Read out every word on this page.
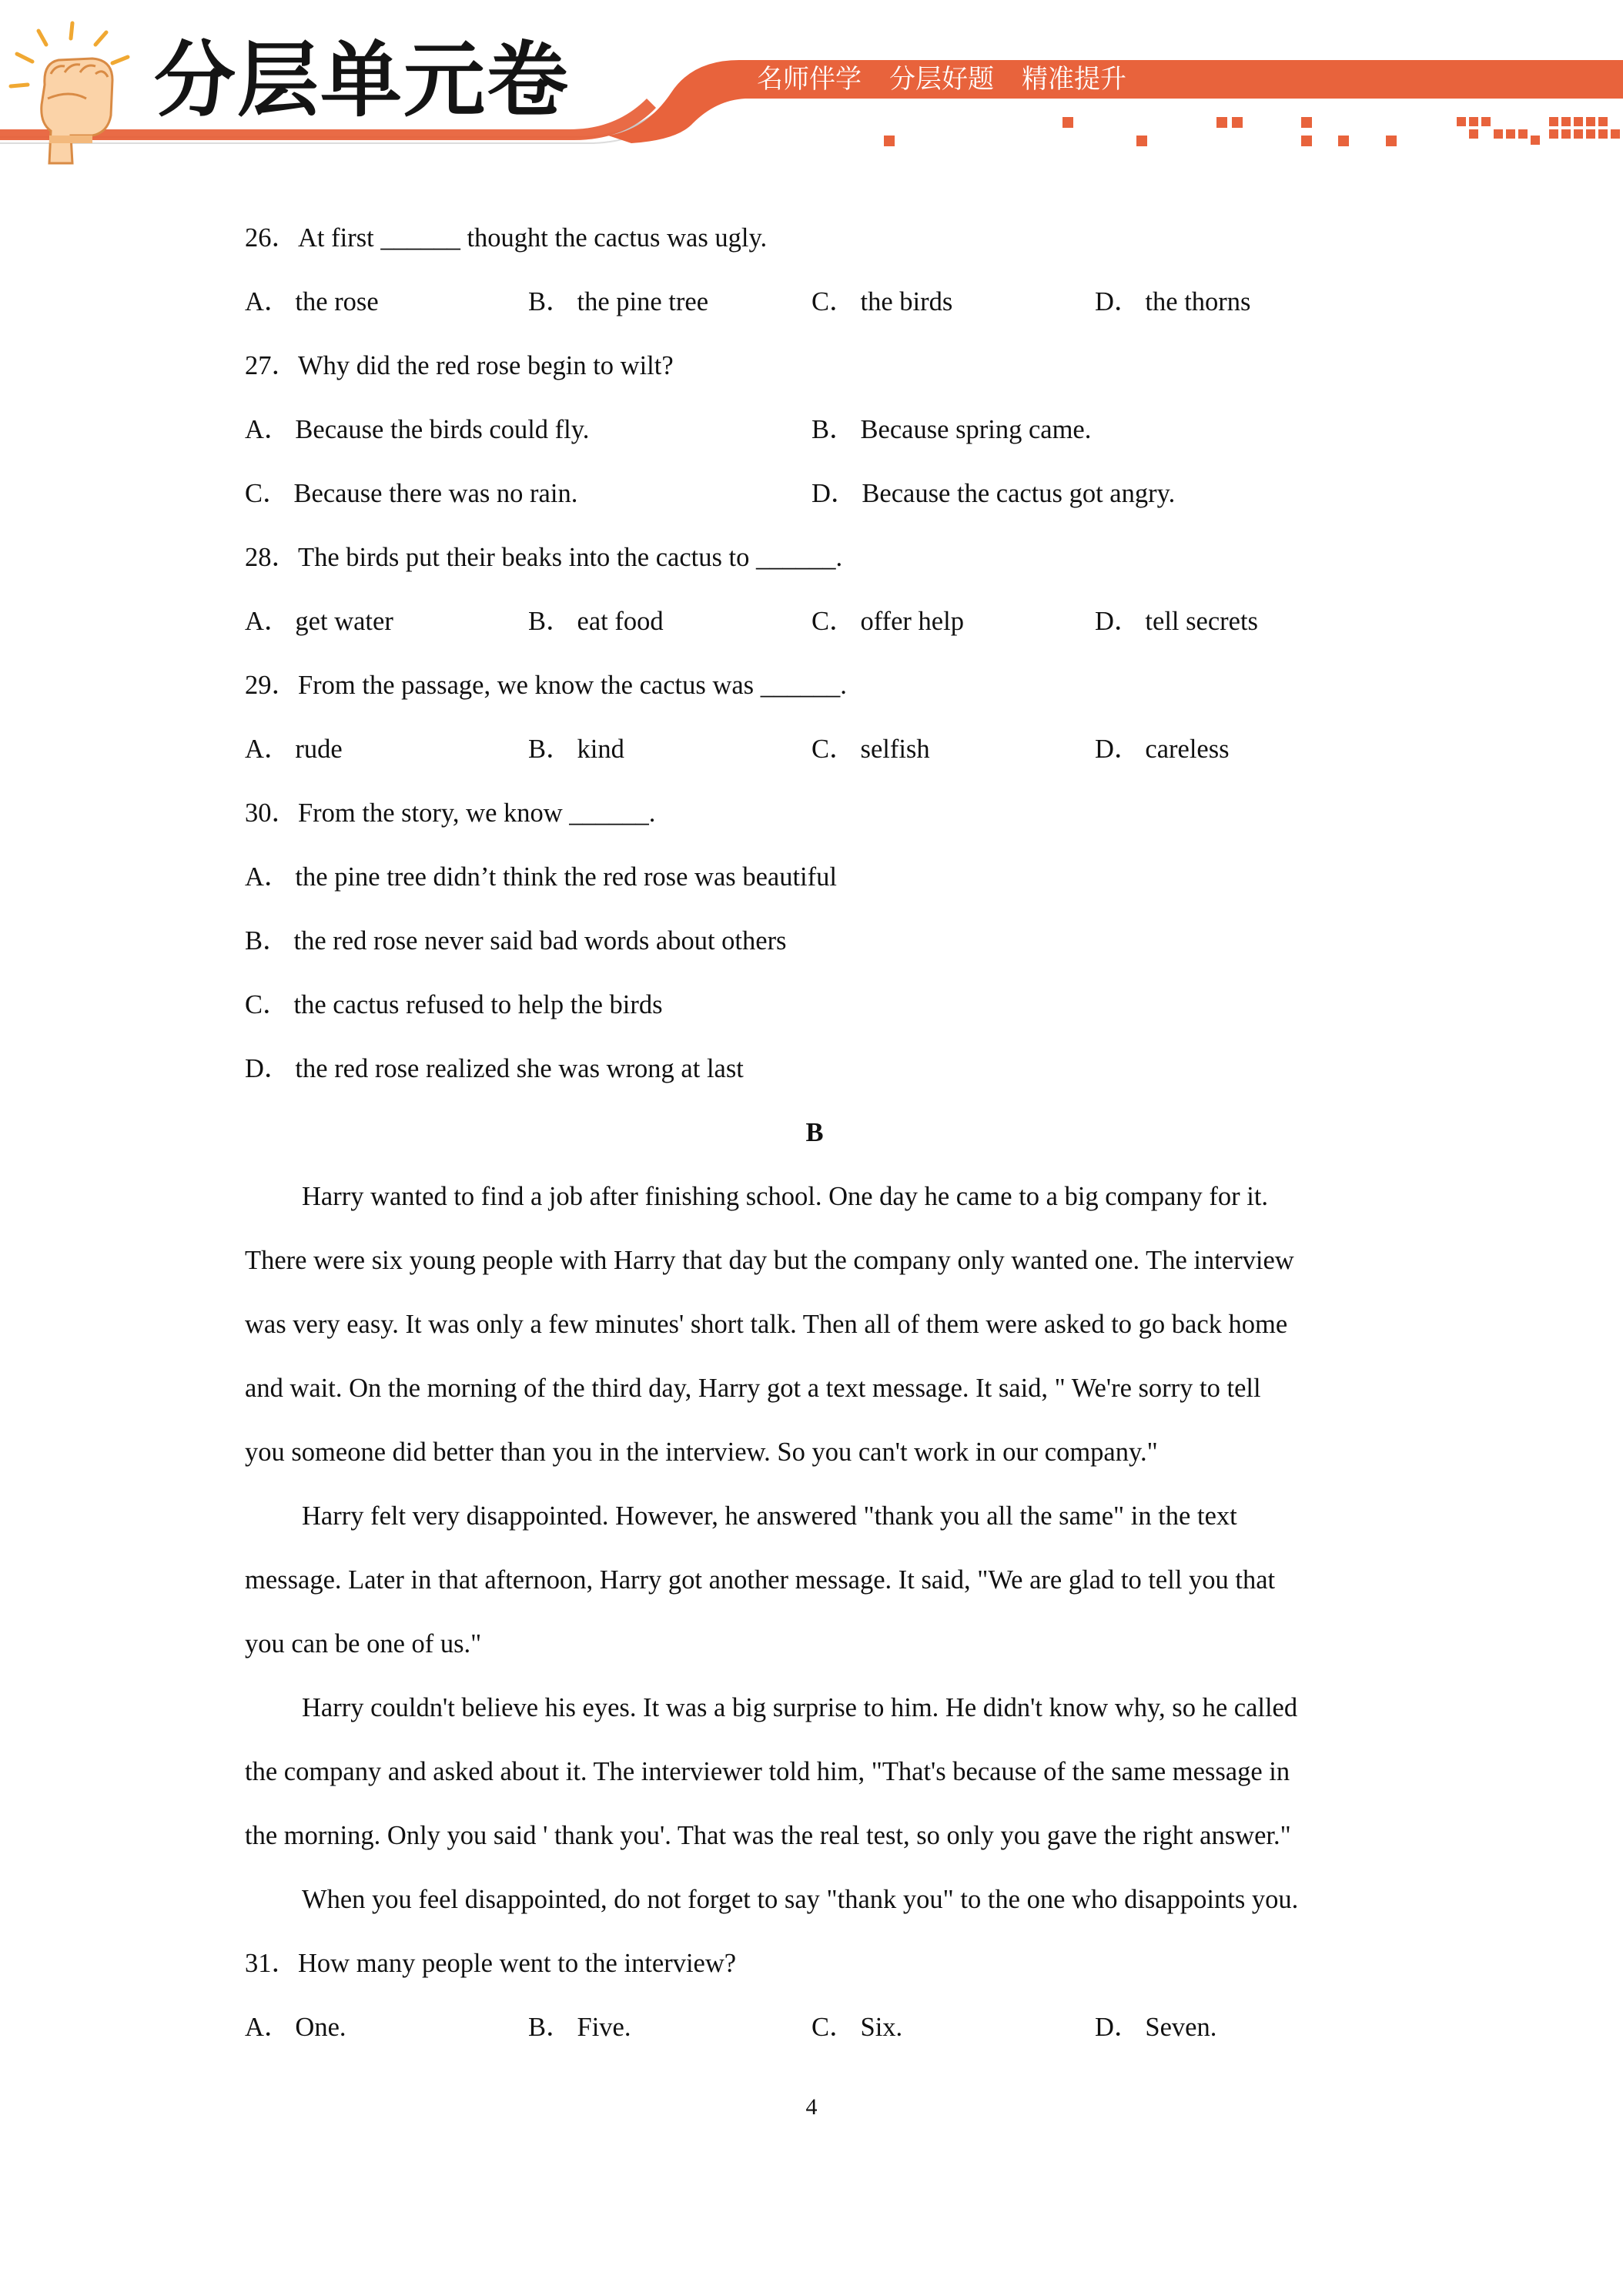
分层单元卷	名师伴学 分层好题 精准提升
26．At first ______ thought the cactus was ugly.
A． the rose	B． the pine tree	C． the birds	D． the thorns
27．Why did the red rose begin to wilt?
A． Because the birds could fly.	B． Because spring came.
C． Because there was no rain.	D． Because the cactus got angry.
28．The birds put their beaks into the cactus to ______.
A． get water	B． eat food	C． offer help	D． tell secrets
29．From the passage, we know the cactus was ______.
A． rude	B． kind	C． selfish	D． careless
30．From the story, we know ______.
A． the pine tree didn’t think the red rose was beautiful
B． the red rose never said bad words about others
C． the cactus refused to help the birds
D． the red rose realized she was wrong at last
B
Harry wanted to find a job after finishing school. One day he came to a big company for it.
There were six young people with Harry that day but the company only wanted one. The interview
was very easy. It was only a few minutes' short talk. Then all of them were asked to go back home
and wait. On the morning of the third day, Harry got a text message. It said, " We're sorry to tell
you someone did better than you in the interview. So you can't work in our company."
Harry felt very disappointed. However, he answered "thank you all the same" in the text
message. Later in that afternoon, Harry got another message. It said, "We are glad to tell you that
you can be one of us."
Harry couldn't believe his eyes. It was a big surprise to him. He didn't know why, so he called
the company and asked about it. The interviewer told him, "That's because of the same message in
the morning. Only you said ' thank you'. That was the real test, so only you gave the right answer."
When you feel disappointed, do not forget to say "thank you" to the one who disappoints you.
31．How many people went to the interview?
A． One.	B． Five.	C． Six.	D． Seven.
4
